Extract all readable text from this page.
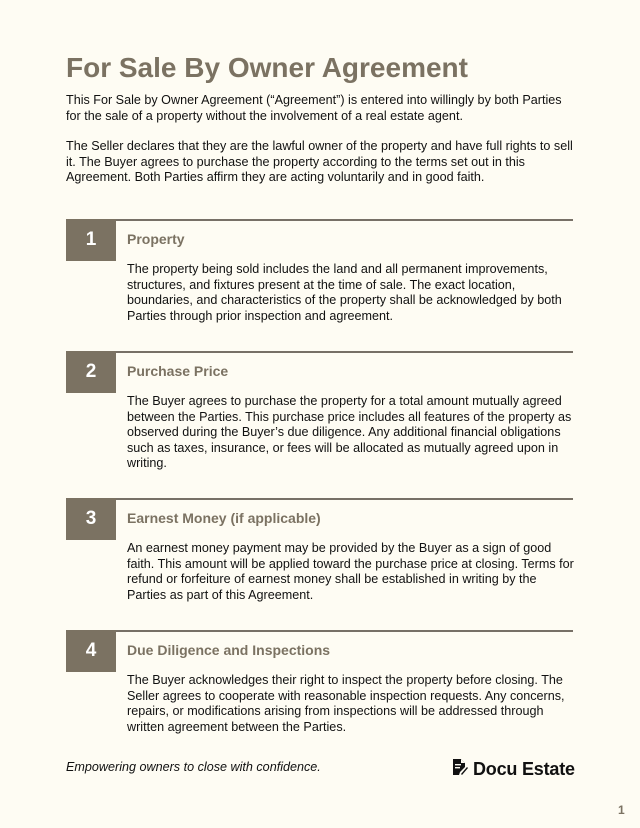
For Sale By Owner Agreement

This For Sale by Owner Agreement (“Agreement”) is entered into willingly by both Parties for the sale of a property without the involvement of a real estate agent.

The Seller declares that they are the lawful owner of the property and have full rights to sell it. The Buyer agrees to purchase the property according to the terms set out in this Agreement. Both Parties affirm they are acting voluntarily and in good faith.

1	Property

The property being sold includes the land and all permanent improvements, structures, and fixtures present at the time of sale. The exact location, boundaries, and characteristics of the property shall be acknowledged by both Parties through prior inspection and agreement.

2	Purchase Price

The Buyer agrees to purchase the property for a total amount mutually agreed between the Parties. This purchase price includes all features of the property as observed during the Buyer’s due diligence. Any additional financial obligations such as taxes, insurance, or fees will be allocated as mutually agreed upon in writing.

3	Earnest Money (if applicable)

An earnest money payment may be provided by the Buyer as a sign of good faith. This amount will be applied toward the purchase price at closing. Terms for refund or forfeiture of earnest money shall be established in writing by the Parties as part of this Agreement.

4	Due Diligence and Inspections

The Buyer acknowledges their right to inspect the property before closing. The Seller agrees to cooperate with reasonable inspection requests. Any concerns, repairs, or modifications arising from inspections will be addressed through written agreement between the Parties.

Empowering owners to close with confidence.	Docu Estate
1
